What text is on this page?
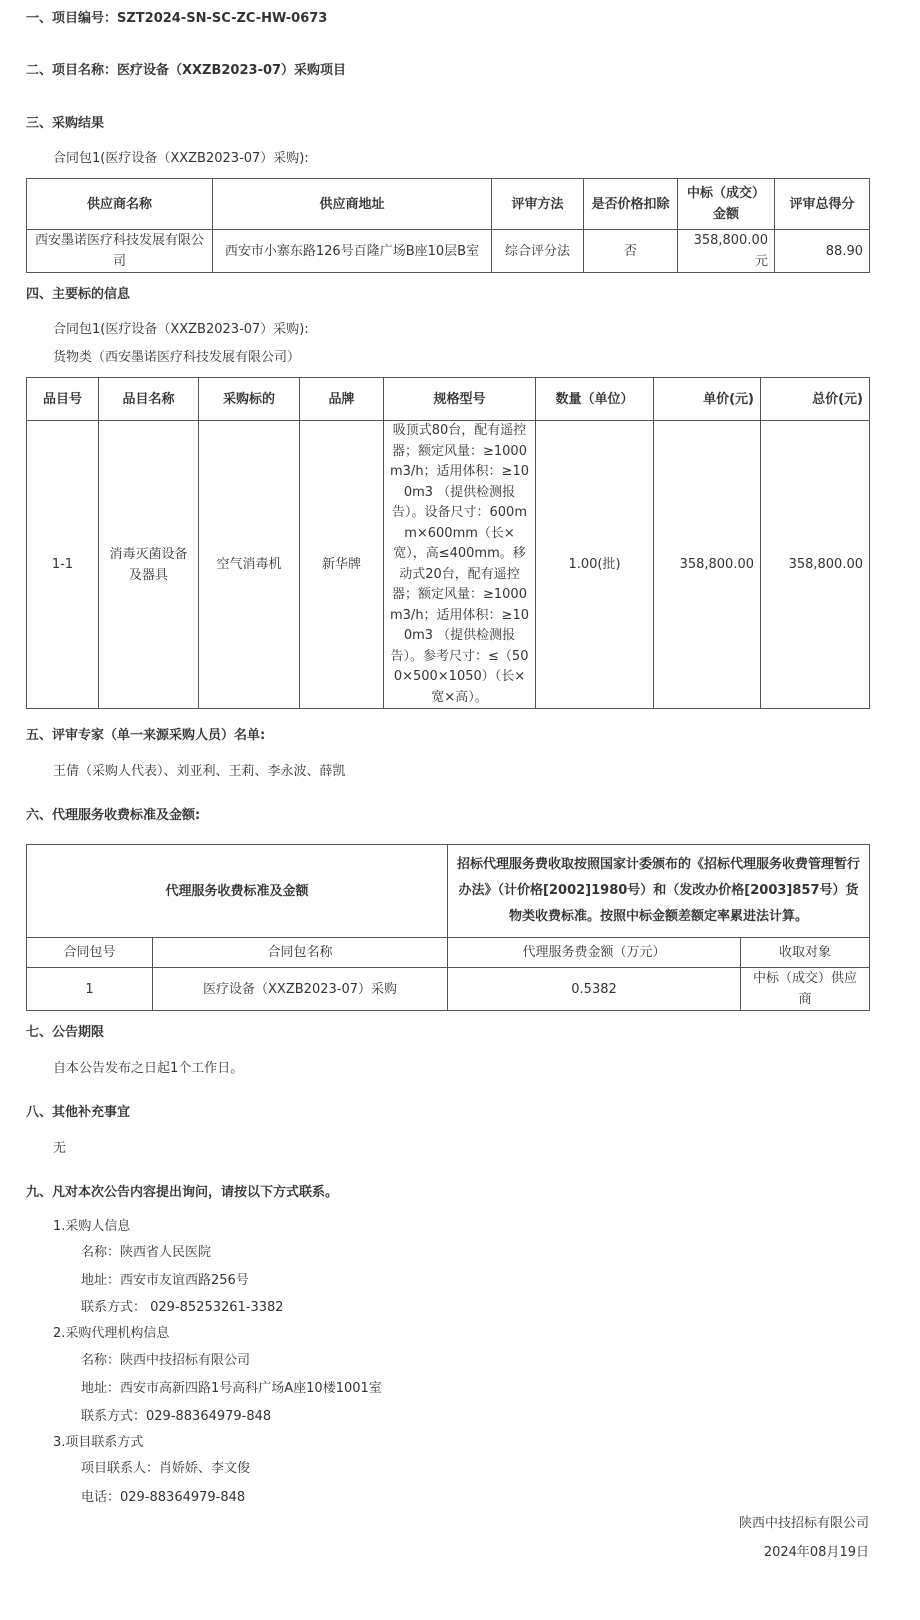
一、项目编号：SZT2024-SN-SC-ZC-HW-0673
二、项目名称：医疗设备（XXZB2023-07）采购项目
三、采购结果
合同包1(医疗设备（XXZB2023-07）采购):
供应商名称	供应商地址	评审方法	是否价格扣除	中标（成交）金额	评审总得分
西安墨诺医疗科技发展有限公司	西安市小寨东路126号百隆广场B座10层B室	综合评分法	否	358,800.00元	88.90
四、主要标的信息
合同包1(医疗设备（XXZB2023-07）采购):
货物类（西安墨诺医疗科技发展有限公司）
品目号	品目名称	采购标的	品牌	规格型号	数量（单位）	单价(元)	总价(元)
1-1	消毒灭菌设备及器具	空气消毒机	新华牌	吸顶式80台，配有遥控器；额定风量：≥1000m3/h；适用体积：≥100m3 （提供检测报告）。设备尺寸：600mm×600mm（长×宽），高≤400mm。移动式20台，配有遥控器；额定风量：≥1000m3/h；适用体积：≥100m3 （提供检测报告）。参考尺寸：≤（500×500×1050）（长×宽×高）。	1.00(批)	358,800.00	358,800.00
五、评审专家（单一来源采购人员）名单:
王倩（采购人代表）、刘亚利、王莉、李永波、薛凯
六、代理服务收费标准及金额:
代理服务收费标准及金额		招标代理服务费收取按照国家计委颁布的《招标代理服务收费管理暂行办法》（计价格[2002]1980号）和（发改办价格[2003]857号）货物类收费标准。按照中标金额差额定率累进法计算。	
合同包号	合同包名称	代理服务费金额（万元）	收取对象
1	医疗设备（XXZB2023-07）采购	0.5382	中标（成交）供应商
七、公告期限
自本公告发布之日起1个工作日。
八、其他补充事宜
无
九、凡对本次公告内容提出询问，请按以下方式联系。
1.采购人信息
名称：陕西省人民医院
地址：西安市友谊西路256号
联系方式： 029-85253261-3382
2.采购代理机构信息
名称：陕西中技招标有限公司
地址：西安市高新四路1号高科广场A座10楼1001室
联系方式：029-88364979-848
3.项目联系方式
项目联系人：肖娇娇、李文俊
电话：029-88364979-848
陕西中技招标有限公司
2024年08月19日
